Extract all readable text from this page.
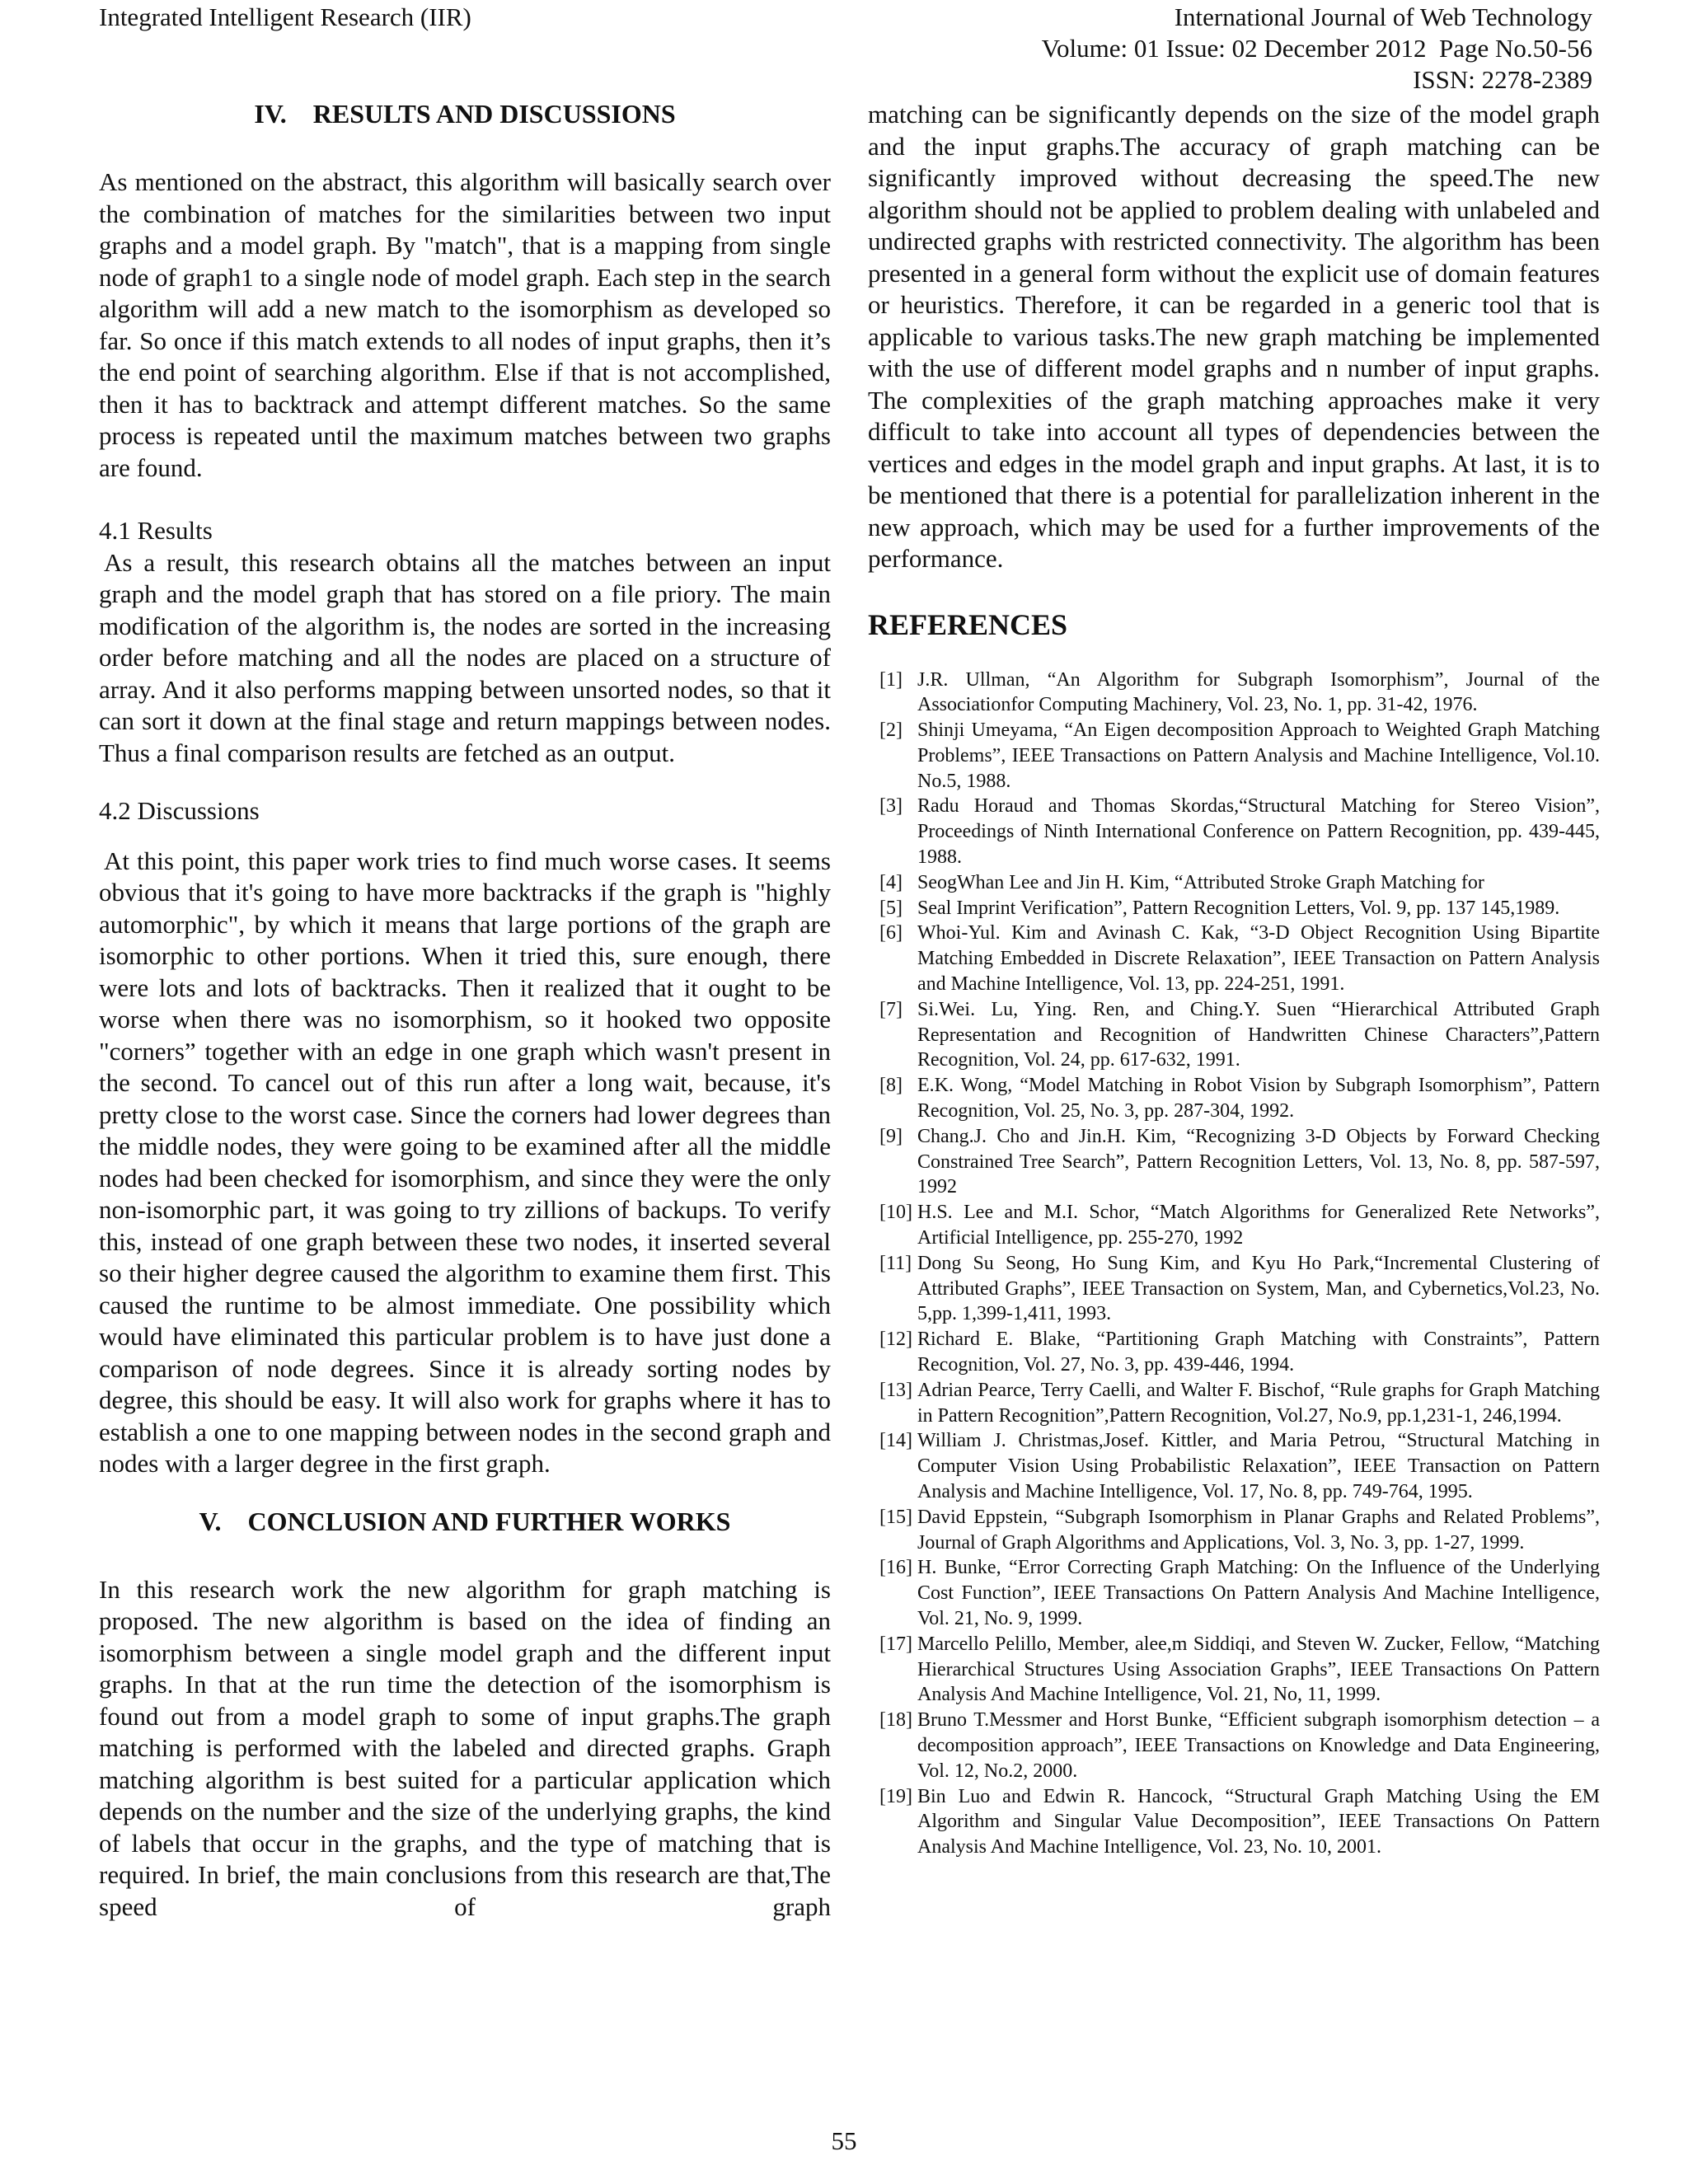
Integrated Intelligent Research (IIR)	International Journal of Web Technology
Volume: 01 Issue: 02 December 2012  Page No.50-56
ISSN: 2278-2389
IV.    RESULTS AND DISCUSSIONS

As mentioned on the abstract, this algorithm will basically search over the combination of matches for the similarities between two input graphs and a model graph. By "match", that is a mapping from single node of graph1 to a single node of model graph. Each step in the search algorithm will add a new match to the isomorphism as developed so far. So once if this match extends to all nodes of input graphs, then it’s the end point of searching algorithm. Else if that is not accomplished, then it has to backtrack and attempt different matches. So the same process is repeated until the maximum matches between two graphs are found.

4.1 Results

As a result, this research obtains all the matches between an input graph and the model graph that has stored on a file priory. The main modification of the algorithm is, the nodes are sorted in the increasing order before matching and all the nodes are placed on a structure of array. And it also performs mapping between unsorted nodes, so that it can sort it down at the final stage and return mappings between nodes. Thus a final comparison results are fetched as an output.

4.2 Discussions

At this point, this paper work tries to find much worse cases. It seems obvious that it's going to have more backtracks if the graph is "highly automorphic", by which it means that large portions of the graph are isomorphic to other portions. When it tried this, sure enough, there were lots and lots of backtracks. Then it realized that it ought to be worse when there was no isomorphism, so it hooked two opposite "corners” together with an edge in one graph which wasn't present in the second. To cancel out of this run after a long wait, because, it's pretty close to the worst case. Since the corners had lower degrees than the middle nodes, they were going to be examined after all the middle nodes had been checked for isomorphism, and since they were the only non-isomorphic part, it was going to try zillions of backups. To verify this, instead of one graph between these two nodes, it inserted several so their higher degree caused the algorithm to examine them first. This caused the runtime to be almost immediate. One possibility which would have eliminated this particular problem is to have just done a comparison of node degrees. Since it is already sorting nodes by degree, this should be easy. It will also work for graphs where it has to establish a one to one mapping between nodes in the second graph and nodes with a larger degree in the first graph.

V.    CONCLUSION AND FURTHER WORKS

In this research work the new algorithm for graph matching is proposed. The new algorithm is based on the idea of finding an isomorphism between a single model graph and the different input graphs. In that at the run time the detection of the isomorphism is found out from a model graph to some of input graphs.The graph matching is performed with the labeled and directed graphs. Graph matching algorithm is best suited for a particular application which depends on the number and the size of the underlying graphs, the kind of labels that occur in the graphs, and the type of matching that is required. In brief, the main conclusions from this research are that,The speed of graph

matching can be significantly depends on the size of the model graph and the input graphs.The accuracy of graph matching can be significantly improved without decreasing the speed.The new algorithm should not be applied to problem dealing with unlabeled and undirected graphs with restricted connectivity. The algorithm has been presented in a general form without the explicit use of domain features or heuristics. Therefore, it can be regarded in a generic tool that is applicable to various tasks.The new graph matching be implemented with the use of different model graphs and n number of input graphs. The complexities of the graph matching approaches make it very difficult to take into account all types of dependencies between the vertices and edges in the model graph and input graphs. At last, it is to be mentioned that there is a potential for parallelization inherent in the new approach, which may be used for a further improvements of the performance.

REFERENCES
[1] J.R. Ullman, “An Algorithm for Subgraph Isomorphism”, Journal of the Associationfor Computing Machinery, Vol. 23, No. 1, pp. 31-42, 1976.
[2] Shinji Umeyama, “An Eigen decomposition Approach to Weighted Graph Matching Problems”, IEEE Transactions on Pattern Analysis and Machine Intelligence, Vol.10. No.5, 1988.
[3] Radu Horaud and Thomas Skordas,“Structural Matching for Stereo Vision”, Proceedings of Ninth International Conference on Pattern Recognition, pp. 439-445, 1988.
[4] SeogWhan Lee and Jin H. Kim, “Attributed Stroke Graph Matching for
[5] Seal Imprint Verification”, Pattern Recognition Letters, Vol. 9, pp. 137 145,1989.
[6] Whoi-Yul. Kim and Avinash C. Kak, “3-D Object Recognition Using Bipartite Matching Embedded in Discrete Relaxation”, IEEE Transaction on Pattern Analysis and Machine Intelligence, Vol. 13, pp. 224-251, 1991.
[7] Si.Wei. Lu, Ying. Ren, and Ching.Y. Suen “Hierarchical Attributed Graph Representation and Recognition of Handwritten Chinese Characters”,Pattern Recognition, Vol. 24, pp. 617-632, 1991.
[8] E.K. Wong, “Model Matching in Robot Vision by Subgraph Isomorphism”, Pattern Recognition, Vol. 25, No. 3, pp. 287-304, 1992.
[9] Chang.J. Cho and Jin.H. Kim, “Recognizing 3-D Objects by Forward Checking Constrained Tree Search”, Pattern Recognition Letters, Vol. 13, No. 8, pp. 587-597, 1992
[10] H.S. Lee and M.I. Schor, “Match Algorithms for Generalized Rete Networks”, Artificial Intelligence, pp. 255-270, 1992
[11] Dong Su Seong, Ho Sung Kim, and Kyu Ho Park,“Incremental Clustering of Attributed Graphs”, IEEE Transaction on System, Man, and Cybernetics,Vol.23, No. 5,pp. 1,399-1,411, 1993.
[12] Richard E. Blake, “Partitioning Graph Matching with Constraints”, Pattern Recognition, Vol. 27, No. 3, pp. 439-446, 1994.
[13] Adrian Pearce, Terry Caelli, and Walter F. Bischof, “Rule graphs for Graph Matching in Pattern Recognition”,Pattern Recognition, Vol.27, No.9, pp.1,231-1, 246,1994.
[14] William J. Christmas,Josef. Kittler, and Maria Petrou, “Structural Matching in Computer Vision Using Probabilistic Relaxation”, IEEE Transaction on Pattern Analysis and Machine Intelligence, Vol. 17, No. 8, pp. 749-764, 1995.
[15] David Eppstein, “Subgraph Isomorphism in Planar Graphs and Related Problems”, Journal of Graph Algorithms and Applications, Vol. 3, No. 3, pp. 1-27, 1999.
[16] H. Bunke, “Error Correcting Graph Matching: On the Influence of the Underlying Cost Function”, IEEE Transactions On Pattern Analysis And Machine Intelligence, Vol. 21, No. 9, 1999.
[17] Marcello Pelillo, Member, alee,m Siddiqi, and Steven W. Zucker, Fellow, “Matching Hierarchical Structures Using Association Graphs”, IEEE Transactions On Pattern Analysis And Machine Intelligence, Vol. 21, No, 11, 1999.
[18] Bruno T.Messmer and Horst Bunke, “Efficient subgraph isomorphism detection – a decomposition approach”, IEEE Transactions on Knowledge and Data Engineering, Vol. 12, No.2, 2000.
[19] Bin Luo and Edwin R. Hancock, “Structural Graph Matching Using the EM Algorithm and Singular Value Decomposition”, IEEE Transactions On Pattern Analysis And Machine Intelligence, Vol. 23, No. 10, 2001.
55
